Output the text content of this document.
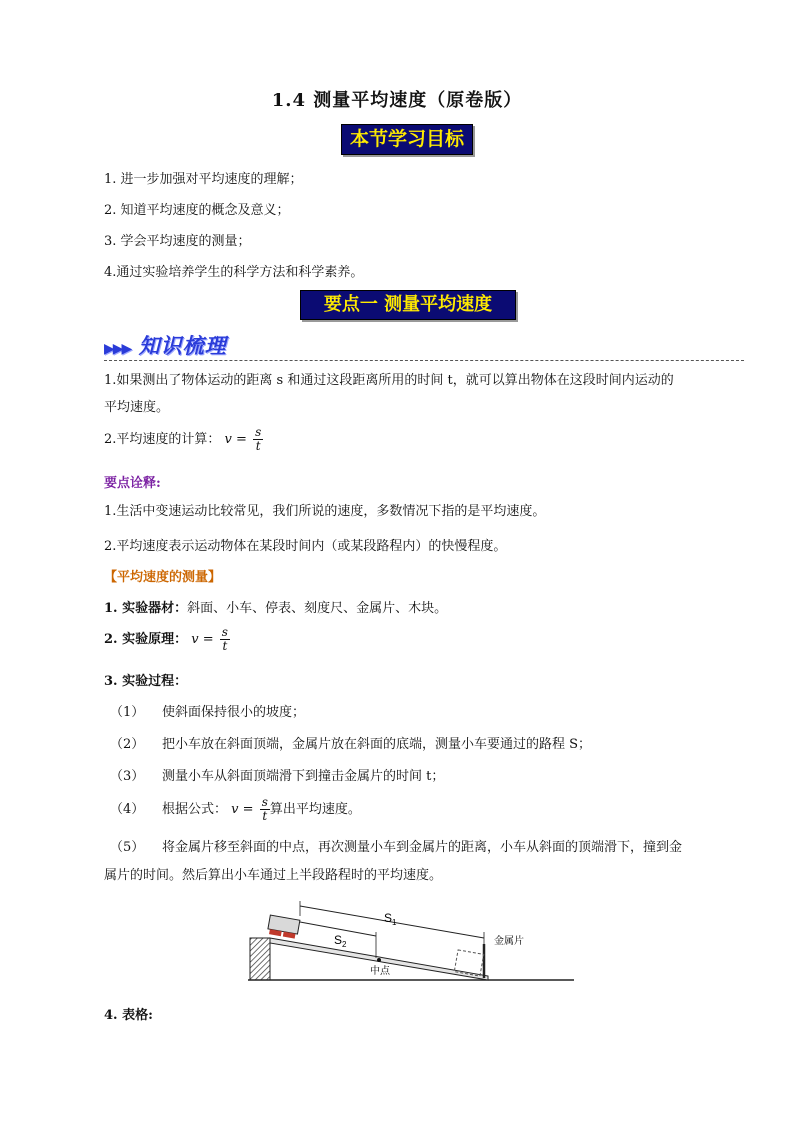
1.4 测量平均速度（原卷版）
本节学习目标
1. 进一步加强对平均速度的理解；
2. 知道平均速度的概念及意义；
3. 学会平均速度的测量；
4.通过实验培养学生的科学方法和科学素养。
要点一 测量平均速度
▶▶▶ 知识梳理
1.如果测出了物体运动的距离 s 和通过这段距离所用的时间 t，就可以算出物体在这段时间内运动的
平均速度。
2.平均速度的计算： $v = \frac{s}{t}$
要点诠释:
1.生活中变速运动比较常见，我们所说的速度，多数情况下指的是平均速度。
2.平均速度表示运动物体在某段时间内（或某段路程内）的快慢程度。
【平均速度的测量】
1. 实验器材：斜面、小车、停表、刻度尺、金属片、木块。
2. 实验原理： $v = \frac{s}{t}$
3. 实验过程：
（1） 使斜面保持很小的坡度；
（2） 把小车放在斜面顶端，金属片放在斜面的底端，测量小车要通过的路程 S；
（3） 测量小车从斜面顶端滑下到撞击金属片的时间 t；
（4） 根据公式： $v = \frac{s}{t}$ 算出平均速度。
（5） 将金属片移至斜面的中点，再次测量小车到金属片的距离，小车从斜面的顶端滑下，撞到金
属片的时间。然后算出小车通过上半段路程时的平均速度。
$S_1$
$S_2$
中点
金属片
4. 表格:
